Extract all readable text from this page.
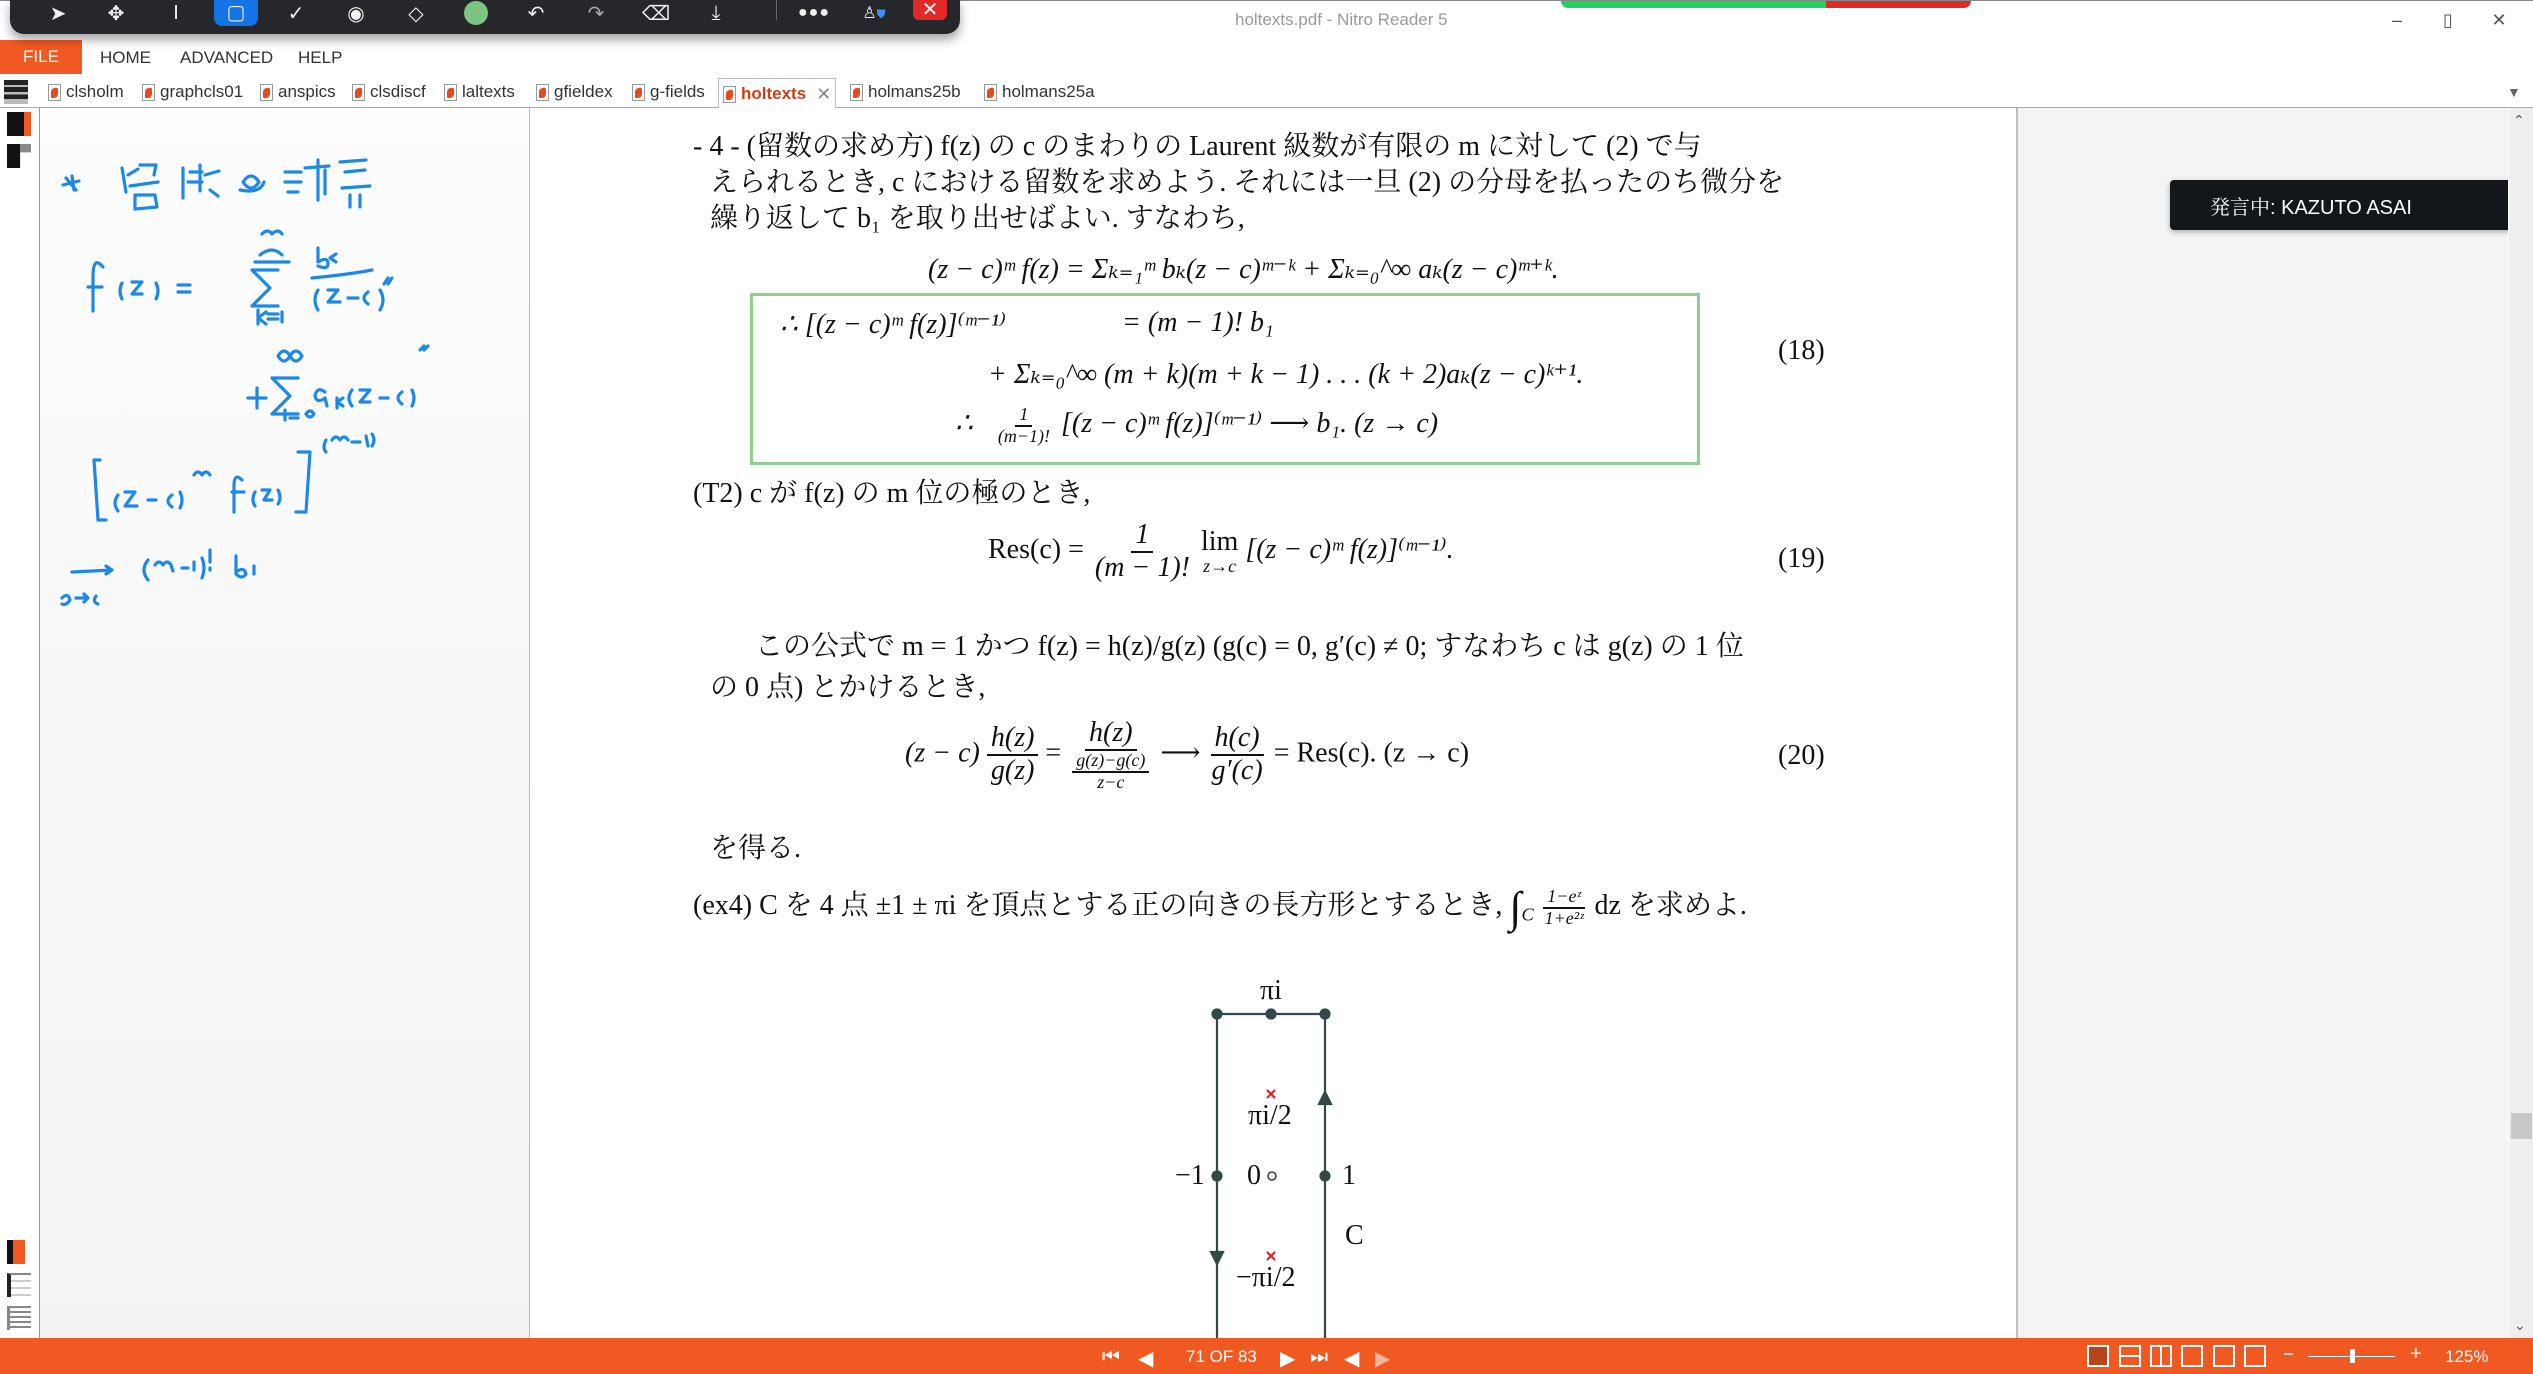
holtexts.pdf - Nitro Reader 5	–	▯	✕
➤ ✥ I ▢ ✓ ◉ ◇	↶ ↷ ⌫ ⤓	●●● ♙⛊ ✕
FILE	HOME ADVANCED HELP
clsholm graphcls01 anspics clsdiscf laltexts gfieldex g-fields holtexts ✕ holmans25b holmans25a	▼
- 4 - (留数の求め方) f(z) の c のまわりの Laurent 級数が有限の m に対して (2) で与
えられるとき, c における留数を求めよう. それには一旦 (2) の分母を払ったのち微分を
繰り返して b₁ を取り出せばよい. すなわち,
(z − c)ᵐ f(z) = Σₖ₌₁ᵐ bₖ(z − c)ᵐ⁻ᵏ + Σₖ₌₀^∞ aₖ(z − c)ᵐ⁺ᵏ.
∴ [(z − c)ᵐ f(z)]⁽ᵐ⁻¹⁾	= (m − 1)! b₁
+ Σₖ₌₀^∞ (m + k)(m + k − 1) . . . (k + 2)aₖ(z − c)ᵏ⁺¹.
∴ $\frac{1}{(m-1)!} [(z$ − c)ᵐ f(z)]⁽ᵐ⁻¹⁾ ⟶ b₁. (z → c)
(18)
(T2) c が f(z) の m 位の極のとき,
$Res(c) = \frac{1}{(m - 1)!}$
lim
z→c
[(z − c)ᵐ f(z)]⁽ᵐ⁻¹⁾.	(19)
この公式で m = 1 かつ f(z) = h(z)/g(z) (g(c) = 0, g′(c) ≠ 0; すなわち c は g(z) の 1 位
の 0 点) とかけるとき,
$(z - c) \frac{h(z)}{g(z)} = h(z)$
g(z)−g(c)
z−c ⟶ $\frac{h(c)}{g'(c)} = Res(c)$. (z → c)	(20)
を得る.
(ex4) C を 4 点 ±1 ± πi を頂点とする正の向きの長方形とするとき, $\int_C \frac{\text{1−eᶻ}}{\text{1+e²ᶻ}}$ dz を求めよ.
πi
πi/2
−1 0	1
C
−πi/2
発言中: KAZUTO ASAI
⌃
⌄
⏮ ◀ 71 OF 83 ▶ ⏭ ◀ ▶	−	+ 125%
